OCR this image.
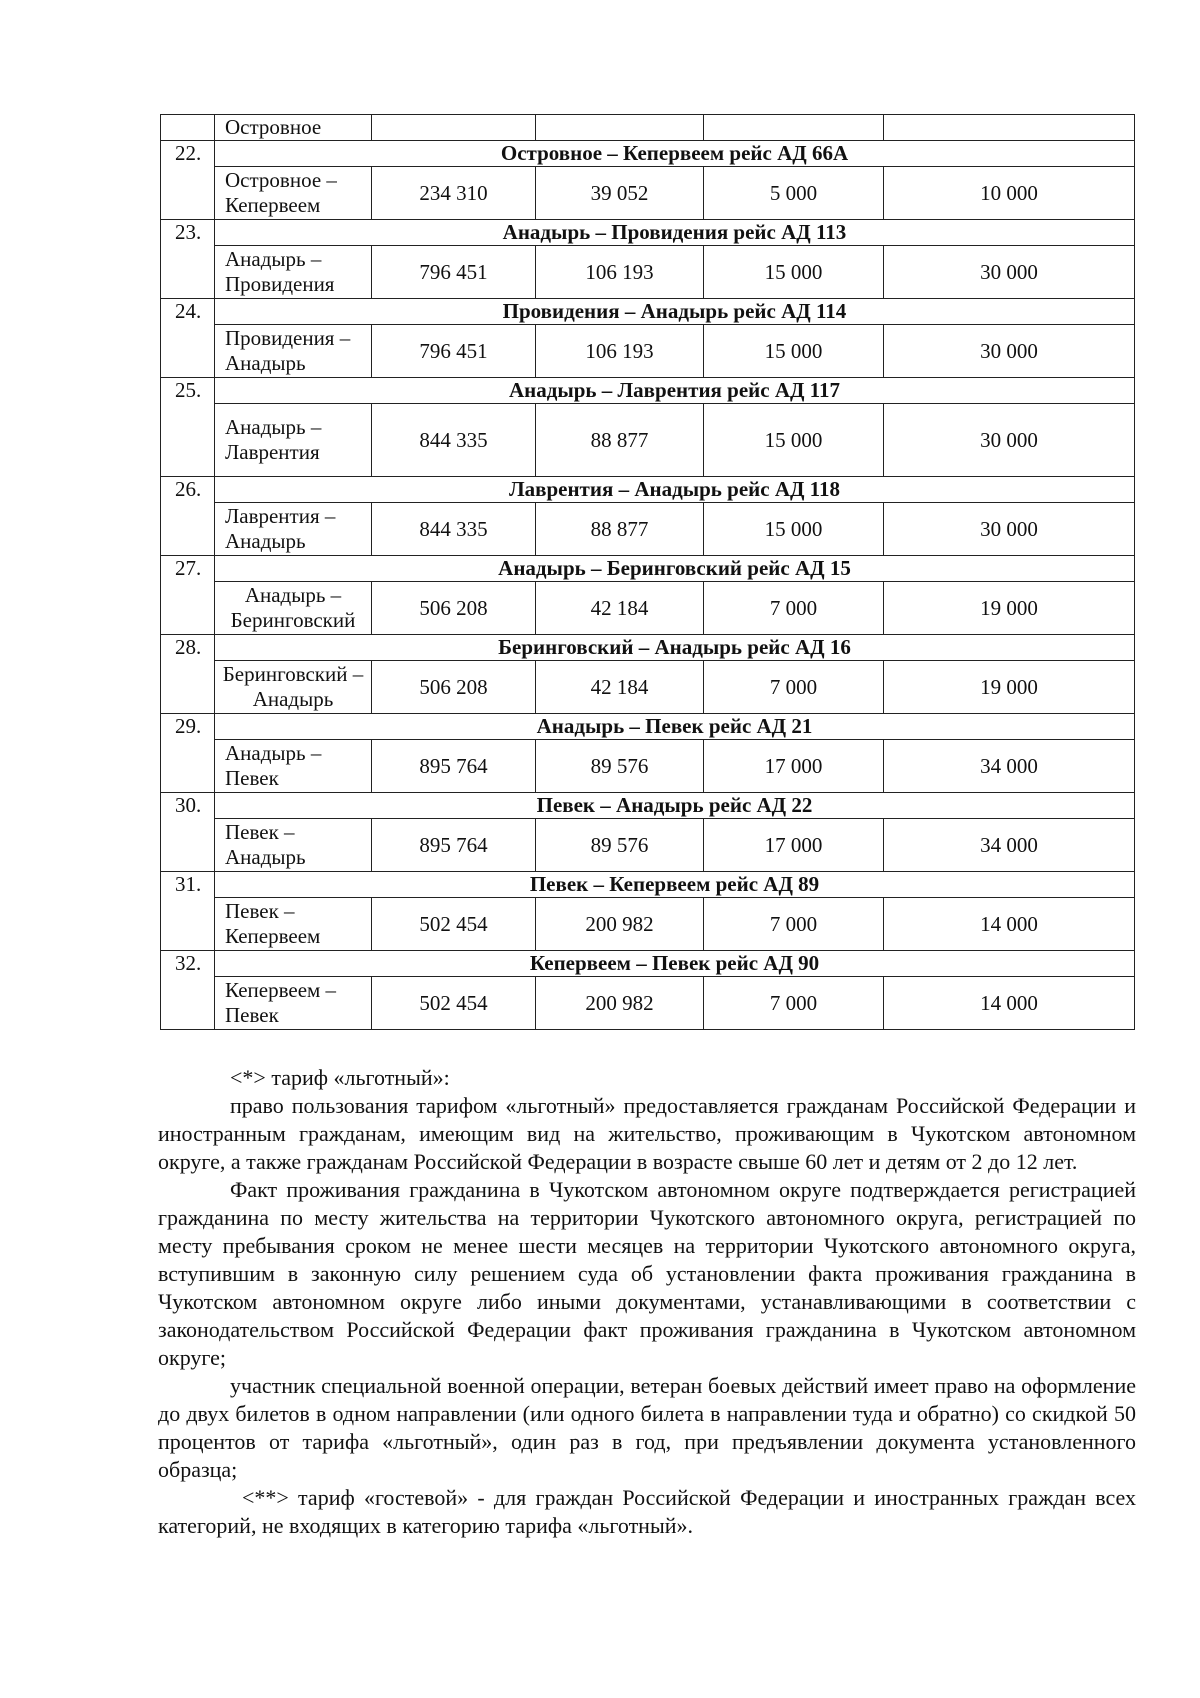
	Островное				
22.	Островное – Кепервеем рейс АД 66А				
	Островное – Кепервеем	234 310	39 052	5 000	10 000
23.	Анадырь – Провидения рейс АД 113				
	Анадырь – Провидения	796 451	106 193	15 000	30 000
24.	Провидения – Анадырь рейс АД 114				
	Провидения – Анадырь	796 451	106 193	15 000	30 000
25.	Анадырь – Лаврентия рейс АД 117				
	Анадырь – Лаврентия	844 335	88 877	15 000	30 000
26.	Лаврентия – Анадырь рейс АД 118				
	Лаврентия – Анадырь	844 335	88 877	15 000	30 000
27.	Анадырь – Беринговский рейс АД 15				
	Анадырь – Беринговский	506 208	42 184	7 000	19 000
28.	Беринговский – Анадырь рейс АД 16				
	Беринговский – Анадырь	506 208	42 184	7 000	19 000
29.	Анадырь – Певек рейс АД 21				
	Анадырь – Певек	895 764	89 576	17 000	34 000
30.	Певек – Анадырь рейс АД 22				
	Певек – Анадырь	895 764	89 576	17 000	34 000
31.	Певек – Кепервеем рейс АД 89				
	Певек – Кепервеем	502 454	200 982	7 000	14 000
32.	Кепервеем – Певек рейс АД 90				
	Кепервеем – Певек	502 454	200 982	7 000	14 000

<*> тариф «льготный»:

право пользования тарифом «льготный» предоставляется гражданам Российской Федерации и иностранным гражданам, имеющим вид на жительство, проживающим в Чукотском автономном округе, а также гражданам Российской Федерации в возрасте свыше 60 лет и детям от 2 до 12 лет.

Факт проживания гражданина в Чукотском автономном округе подтверждается регистрацией гражданина по месту жительства на территории Чукотского автономного округа, регистрацией по месту пребывания сроком не менее шести месяцев на территории Чукотского автономного округа, вступившим в законную силу решением суда об установлении факта проживания гражданина в Чукотском автономном округе либо иными документами, устанавливающими в соответствии с законодательством Российской Федерации факт проживания гражданина в Чукотском автономном округе;

участник специальной военной операции, ветеран боевых действий имеет право на оформление до двух билетов в одном направлении (или одного билета в направлении туда и обратно) со скидкой 50 процентов от тарифа «льготный», один раз в год, при предъявлении документа установленного образца;

<**> тариф «гостевой» - для граждан Российской Федерации и иностранных граждан всех категорий, не входящих в категорию тарифа «льготный».
